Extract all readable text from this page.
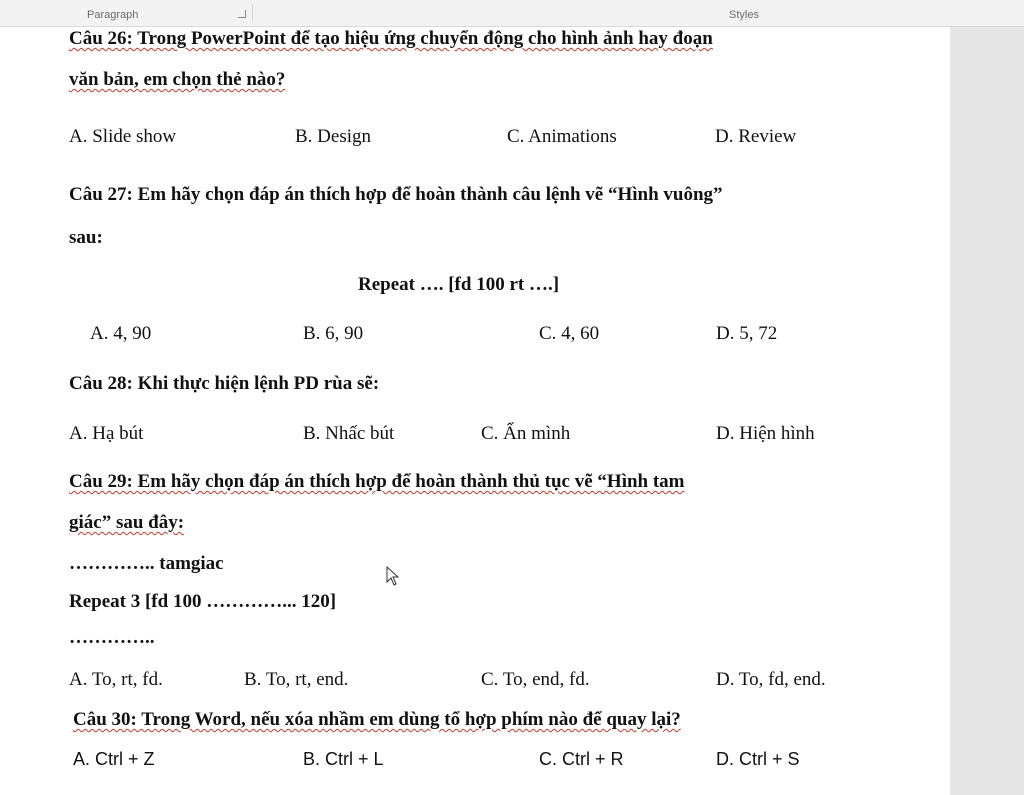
Paragraph	Styles
Câu 26: Trong PowerPoint để tạo hiệu ứng chuyển động cho hình ảnh hay đoạn
văn bản, em chọn thẻ nào?
A. Slide show	B. Design	C. Animations	D. Review
Câu 27: Em hãy chọn đáp án thích hợp để hoàn thành câu lệnh vẽ “Hình vuông”
sau:
Repeat …. [fd 100 rt ….]
A. 4, 90	B. 6, 90	C. 4, 60	D. 5, 72
Câu 28: Khi thực hiện lệnh PD rùa sẽ:
A. Hạ bút	B. Nhấc bút	C. Ẩn mình	D. Hiện hình
Câu 29: Em hãy chọn đáp án thích hợp để hoàn thành thủ tục vẽ “Hình tam
giác” sau đây:
………….. tamgiac
Repeat 3 [fd 100 …………... 120]
…………..
A. To, rt, fd.	B. To, rt, end.	C. To, end, fd.	D. To, fd, end.
Câu 30: Trong Word, nếu xóa nhầm em dùng tổ hợp phím nào để quay lại?
A. Ctrl + Z	B. Ctrl + L	C. Ctrl + R	D. Ctrl + S
